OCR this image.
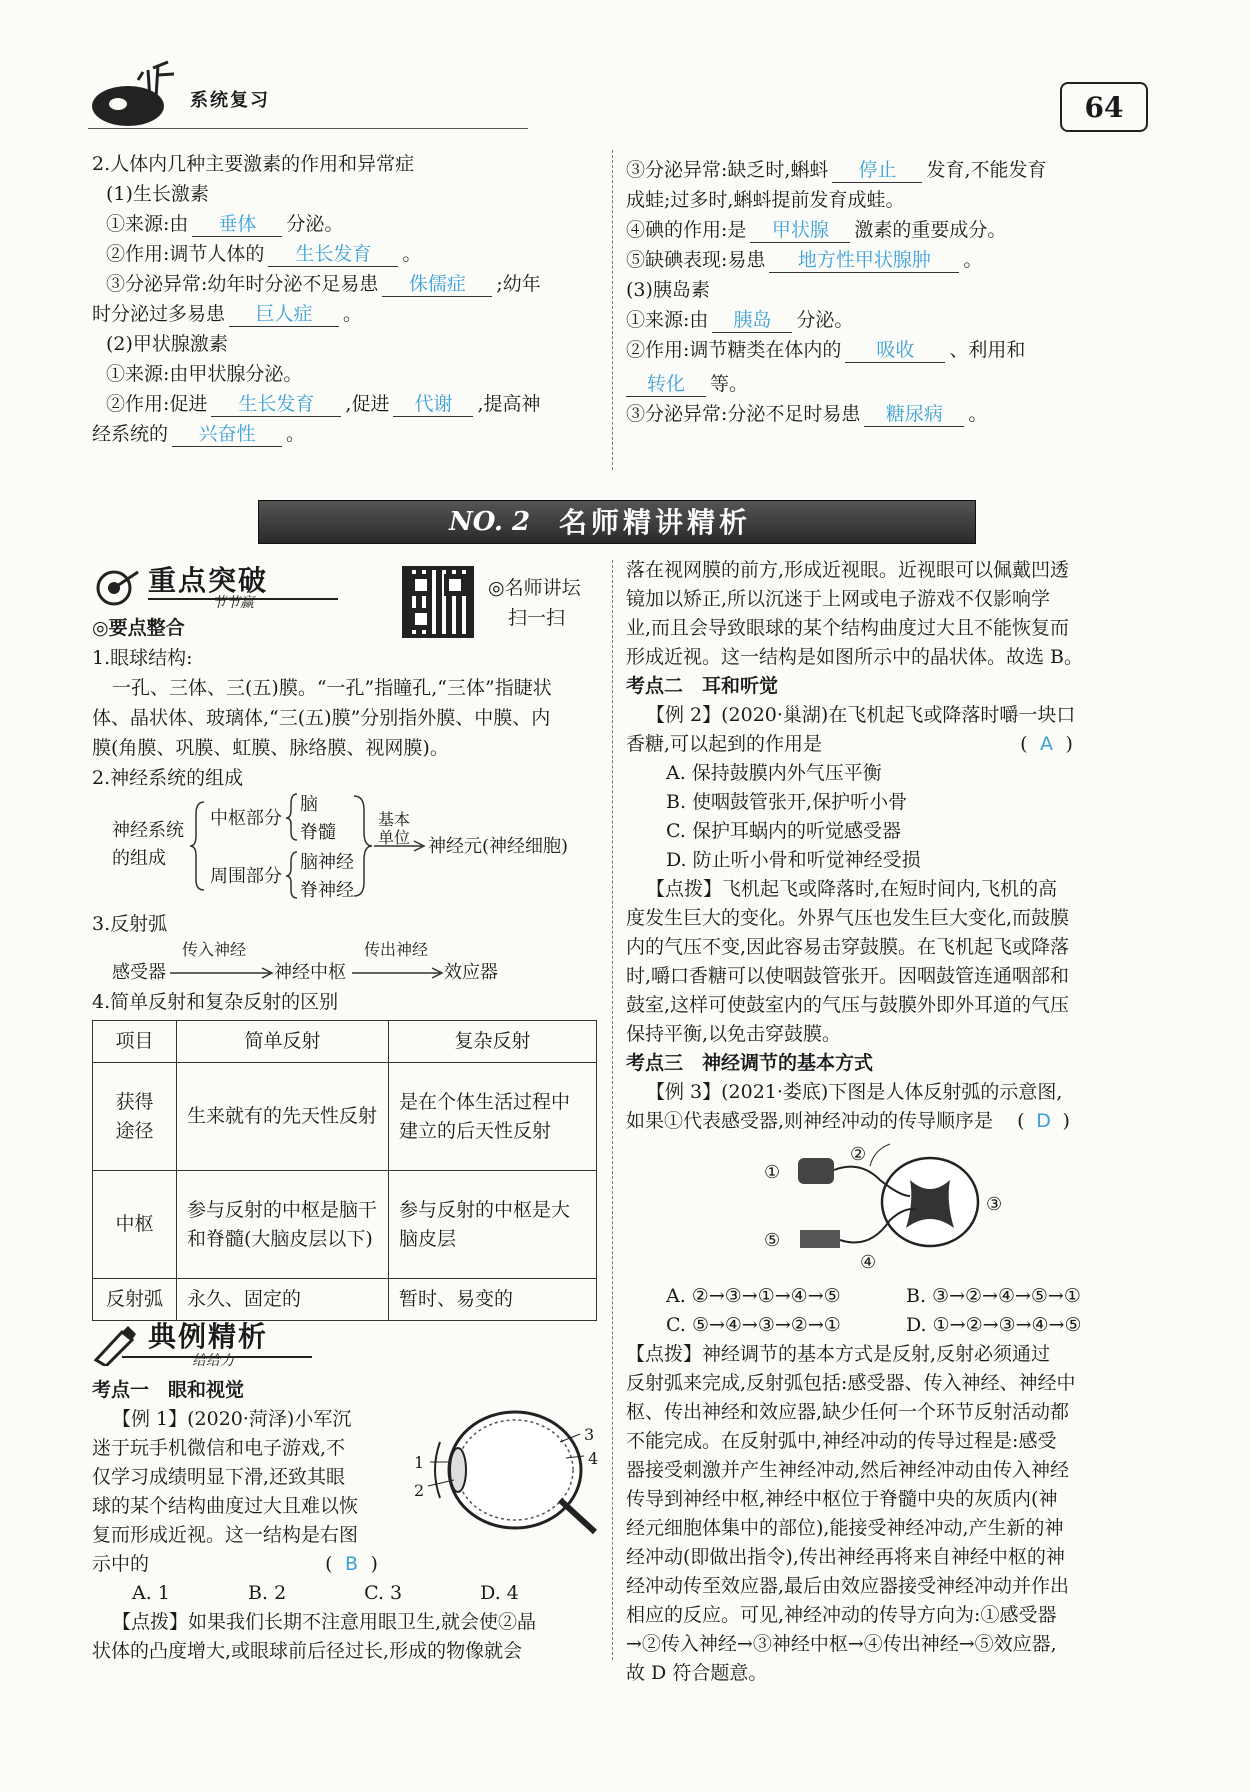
系统复习	64
2.人体内几种主要激素的作用和异常症
(1)生长激素
①来源:由 垂体 分泌。
②作用:调节人体的 生长发育 。
③分泌异常:幼年时分泌不足易患 侏儒症 ;幼年
时分泌过多易患 巨人症 。
(2)甲状腺激素
①来源:由甲状腺分泌。
②作用:促进 生长发育 ,促进 代谢 ,提高神
经系统的 兴奋性 。
③分泌异常:缺乏时,蝌蚪 停止 发育,不能发育
成蛙;过多时,蝌蚪提前发育成蛙。
④碘的作用:是 甲状腺 激素的重要成分。
⑤缺碘表现:易患 地方性甲状腺肿 。
(3)胰岛素
①来源:由 胰岛 分泌。
②作用:调节糖类在体内的 吸收 、利用和
转化 等。
③分泌异常:分泌不足时易患 糖尿病 。
NO. 2 名师精讲精析
重点突破
节节赢
◎名师讲坛
扫一扫
◎要点整合
1.眼球结构:
一孔、三体、三(五)膜。“一孔”指瞳孔,“三体”指睫状
体、晶状体、玻璃体,“三(五)膜”分别指外膜、中膜、内
膜(角膜、巩膜、虹膜、脉络膜、视网膜)。
2.神经系统的组成
神经系统
的组成
中枢部分
周围部分
脑
脊髓
脑神经
脊神经
基本
单位 神经元(神经细胞)
3.反射弧
感受器
传入神经
神经中枢
传出神经
效应器
4.简单反射和复杂反射的区别
项目	简单反射	复杂反射

获得
途径	生来就有的先天性反射	是在个体生活过程中建立的后天性反射
中枢	参与反射的中枢是脑干和脊髓(大脑皮层以下)	参与反射的中枢是大脑皮层
反射弧	永久、固定的	暂时、易变的
典例精析
给给力
考点一　眼和视觉
【例 1】(2020·菏泽)小军沉
迷于玩手机微信和电子游戏,不
仅学习成绩明显下滑,还致其眼
球的某个结构曲度过大且难以恢
复而形成近视。这一结构是右图
示中的	( B )
A. 1	B. 2	C. 3	D. 4
【点拨】如果我们长期不注意用眼卫生,就会使②晶
状体的凸度增大,或眼球前后径过长,形成的物像就会
1
2
3
4
落在视网膜的前方,形成近视眼。近视眼可以佩戴凹透
镜加以矫正,所以沉迷于上网或电子游戏不仅影响学
业,而且会导致眼球的某个结构曲度过大且不能恢复而
形成近视。这一结构是如图所示中的晶状体。故选 B。
考点二　耳和听觉
【例 2】(2020·巢湖)在飞机起飞或降落时嚼一块口
香糖,可以起到的作用是	( A )
A. 保持鼓膜内外气压平衡
B. 使咽鼓管张开,保护听小骨
C. 保护耳蜗内的听觉感受器
D. 防止听小骨和听觉神经受损
【点拨】飞机起飞或降落时,在短时间内,飞机的高
度发生巨大的变化。外界气压也发生巨大变化,而鼓膜
内的气压不变,因此容易击穿鼓膜。在飞机起飞或降落
时,嚼口香糖可以使咽鼓管张开。因咽鼓管连通咽部和
鼓室,这样可使鼓室内的气压与鼓膜外即外耳道的气压
保持平衡,以免击穿鼓膜。
考点三　神经调节的基本方式
【例 3】(2021·娄底)下图是人体反射弧的示意图,
如果①代表感受器,则神经冲动的传导顺序是 ( D )
①
②
③
④
⑤
A. ②→③→①→④→⑤	B. ③→②→④→⑤→①
C. ⑤→④→③→②→①	D. ①→②→③→④→⑤
【点拨】神经调节的基本方式是反射,反射必须通过
反射弧来完成,反射弧包括:感受器、传入神经、神经中
枢、传出神经和效应器,缺少任何一个环节反射活动都
不能完成。在反射弧中,神经冲动的传导过程是:感受
器接受刺激并产生神经冲动,然后神经冲动由传入神经
传导到神经中枢,神经中枢位于脊髓中央的灰质内(神
经元细胞体集中的部位),能接受神经冲动,产生新的神
经冲动(即做出指令),传出神经再将来自神经中枢的神
经冲动传至效应器,最后由效应器接受神经冲动并作出
相应的反应。可见,神经冲动的传导方向为:①感受器
→②传入神经→③神经中枢→④传出神经→⑤效应器,
故 D 符合题意。
